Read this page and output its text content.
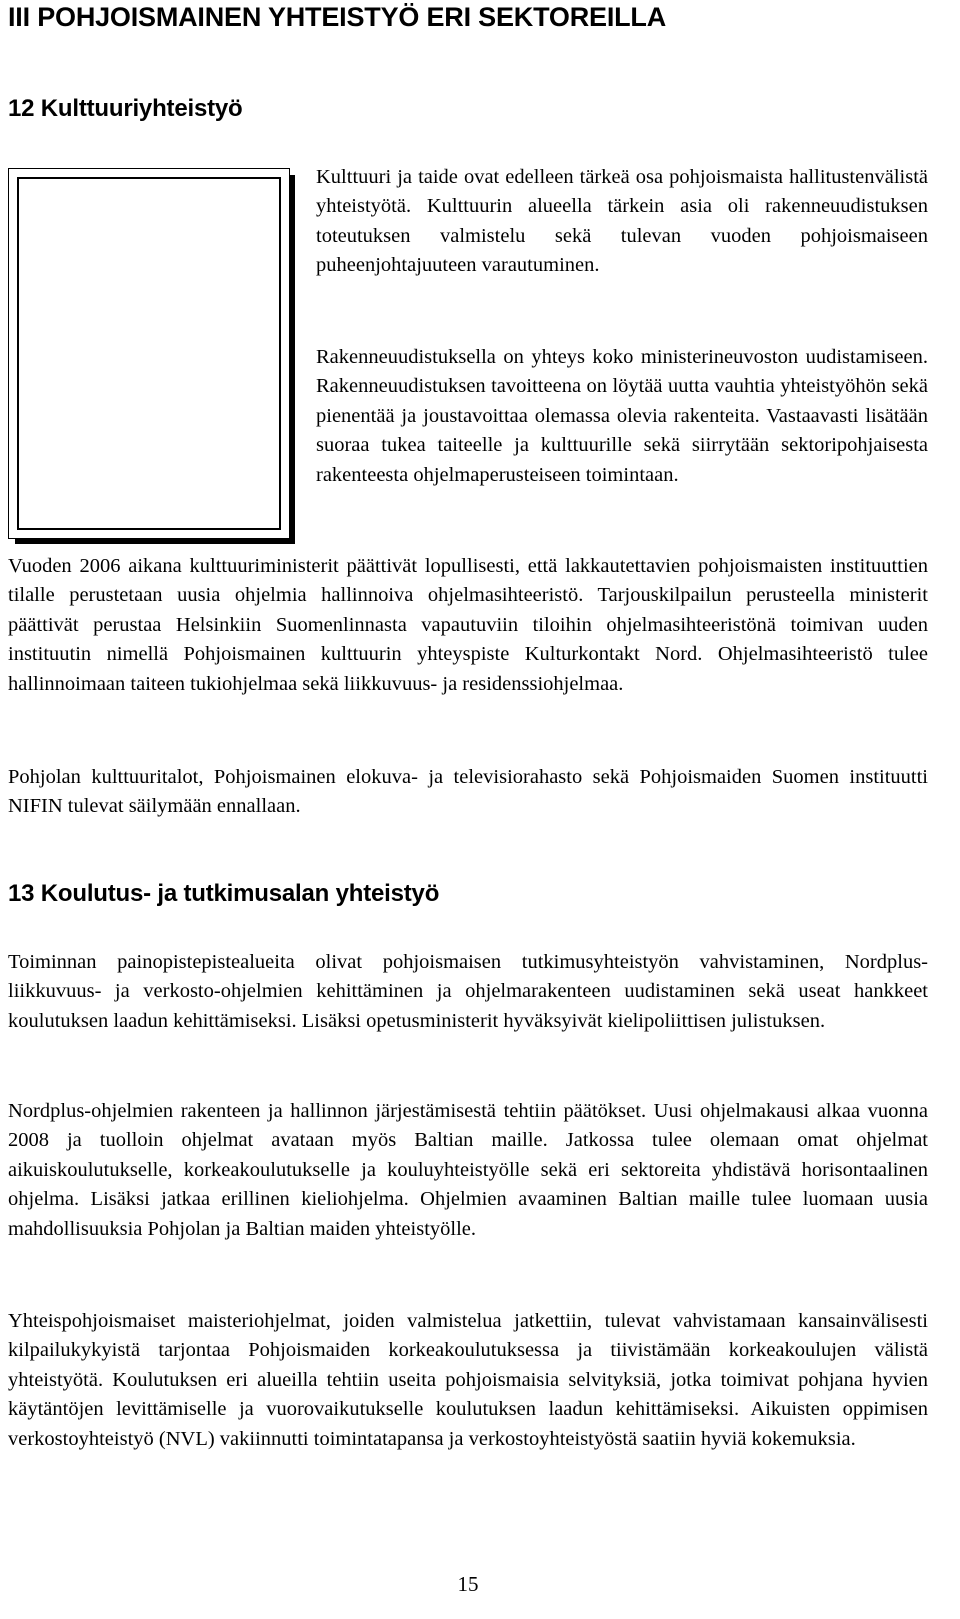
III POHJOISMAINEN YHTEISTYÖ ERI SEKTOREILLA
12 Kulttuuriyhteistyö

Kulttuuri ja taide ovat edelleen tärkeä osa pohjoismaista hallitustenvälistä yhteistyötä. Kulttuurin alueella tärkein asia oli rakenneuudistuksen toteutuksen valmistelu sekä tulevan vuoden pohjoismaiseen puheenjohtajuuteen varautuminen.

Rakenneuudistuksella on yhteys koko ministerineuvoston uudistamiseen. Rakenneuudistuksen tavoitteena on löytää uutta vauhtia yhteistyöhön sekä pienentää ja joustavoittaa olemassa olevia rakenteita. Vastaavasti lisätään suoraa tukea taiteelle ja kulttuurille sekä siirrytään sektoripohjaisesta rakenteesta ohjelmaperusteiseen toimintaan.

Vuoden 2006 aikana kulttuuriministerit päättivät lopullisesti, että lakkautettavien pohjoismaisten instituuttien tilalle perustetaan uusia ohjelmia hallinnoiva ohjelmasihteeristö. Tarjouskilpailun perusteella ministerit päättivät perustaa Helsinkiin Suomenlinnasta vapautuviin tiloihin ohjelmasihteeristönä toimivan uuden instituutin nimellä Pohjoismainen kulttuurin yhteyspiste Kulturkontakt Nord. Ohjelmasihteeristö tulee hallinnoimaan taiteen tukiohjelmaa sekä liikkuvuus- ja residenssiohjelmaa.

Pohjolan kulttuuritalot, Pohjoismainen elokuva- ja televisiorahasto sekä Pohjoismaiden Suomen instituutti NIFIN tulevat säilymään ennallaan.

13 Koulutus- ja tutkimusalan yhteistyö

Toiminnan painopistepistealueita olivat pohjoismaisen tutkimusyhteistyön vahvistaminen, Nordplus-liikkuvuus- ja verkosto-ohjelmien kehittäminen ja ohjelmarakenteen uudistaminen sekä useat hankkeet koulutuksen laadun kehittämiseksi. Lisäksi opetusministerit hyväksyivät kielipoliittisen julistuksen.

Nordplus-ohjelmien rakenteen ja hallinnon järjestämisestä tehtiin päätökset. Uusi ohjelmakausi alkaa vuonna 2008 ja tuolloin ohjelmat avataan myös Baltian maille. Jatkossa tulee olemaan omat ohjelmat aikuiskoulutukselle, korkeakoulutukselle ja kouluyhteistyölle sekä eri sektoreita yhdistävä horisontaalinen ohjelma. Lisäksi jatkaa erillinen kieliohjelma. Ohjelmien avaaminen Baltian maille tulee luomaan uusia mahdollisuuksia Pohjolan ja Baltian maiden yhteistyölle.

Yhteispohjoismaiset maisteriohjelmat, joiden valmistelua jatkettiin, tulevat vahvistamaan kansainvälisesti kilpailukykyistä tarjontaa Pohjoismaiden korkeakoulutuksessa ja tiivistämään korkeakoulujen välistä yhteistyötä. Koulutuksen eri alueilla tehtiin useita pohjoismaisia selvityksiä, jotka toimivat pohjana hyvien käytäntöjen levittämiselle ja vuorovaikutukselle koulutuksen laadun kehittämiseksi. Aikuisten oppimisen verkostoyhteistyö (NVL) vakiinnutti toimintatapansa ja verkostoyhteistyöstä saatiin hyviä kokemuksia.

15
